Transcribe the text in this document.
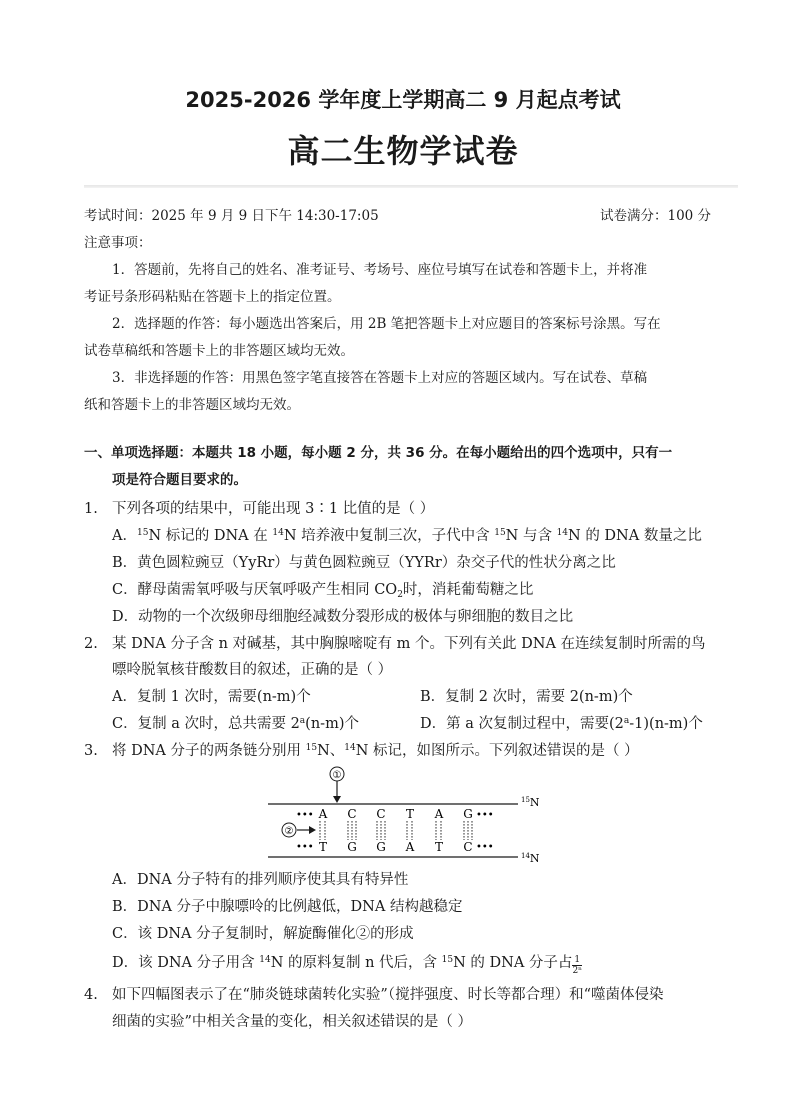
2025-2026 学年度上学期高二 9 月起点考试
高二生物学试卷
考试时间：2025 年 9 月 9 日下午 14:30-17:05	试卷满分：100 分
注意事项：
1．答题前，先将自己的姓名、准考证号、考场号、座位号填写在试卷和答题卡上，并将准
考证号条形码粘贴在答题卡上的指定位置。
2．选择题的作答：每小题选出答案后，用 2B 笔把答题卡上对应题目的答案标号涂黑。写在
试卷草稿纸和答题卡上的非答题区域均无效。
3．非选择题的作答：用黑色签字笔直接答在答题卡上对应的答题区域内。写在试卷、草稿
纸和答题卡上的非答题区域均无效。
一、单项选择题：本题共 18 小题，每小题 2 分，共 36 分。在每小题给出的四个选项中，只有一
项是符合题目要求的。
1. 下列各项的结果中，可能出现 3∶1 比值的是（ ）
A．$^{15}$N 标记的 DNA 在 $^{14}$N 培养液中复制三次，子代中含 $^{15}$N 与含 $^{14}$N 的 DNA 数量之比
B．黄色圆粒豌豆（YyRr）与黄色圆粒豌豆（YYRr）杂交子代的性状分离之比
C．酵母菌需氧呼吸与厌氧呼吸产生相同 $CO_2$时，消耗葡萄糖之比
D．动物的一个次级卵母细胞经减数分裂形成的极体与卵细胞的数目之比
2. 某 DNA 分子含 n 对碱基，其中胸腺嘧啶有 m 个。下列有关此 DNA 在连续复制时所需的鸟
嘌呤脱氧核苷酸数目的叙述，正确的是（ ）
A．复制 1 次时，需要(n-m)个	B．复制 2 次时，需要 2(n-m)个
C．复制 a 次时，总共需要 2$^a$(n-m)个	D．第 a 次复制过程中，需要(2$^a$-1)(n-m)个
3. 将 DNA 分子的两条链分别用 $^{15}$N、$^{14}$N 标记，如图所示。下列叙述错误的是（ ）
①
②
•••	•••
•••	•••
A C C T A G
T G G A T C
$^{15}$N
$^{14}$N
A．DNA 分子特有的排列顺序使其具有特异性
B．DNA 分子中腺嘌呤的比例越低，DNA 结构越稳定
C．该 DNA 分子复制时，解旋酶催化②的形成
D．该 DNA 分子用含 $^{14}$N 的原料复制 n 代后，含 $^{15}$N 的 DNA 分子占 $\frac{1}{\text{2ⁿ}}$
4. 如下四幅图表示了在“肺炎链球菌转化实验”（搅拌强度、时长等都合理）和“噬菌体侵染
细菌的实验”中相关含量的变化，相关叙述错误的是（ ）
